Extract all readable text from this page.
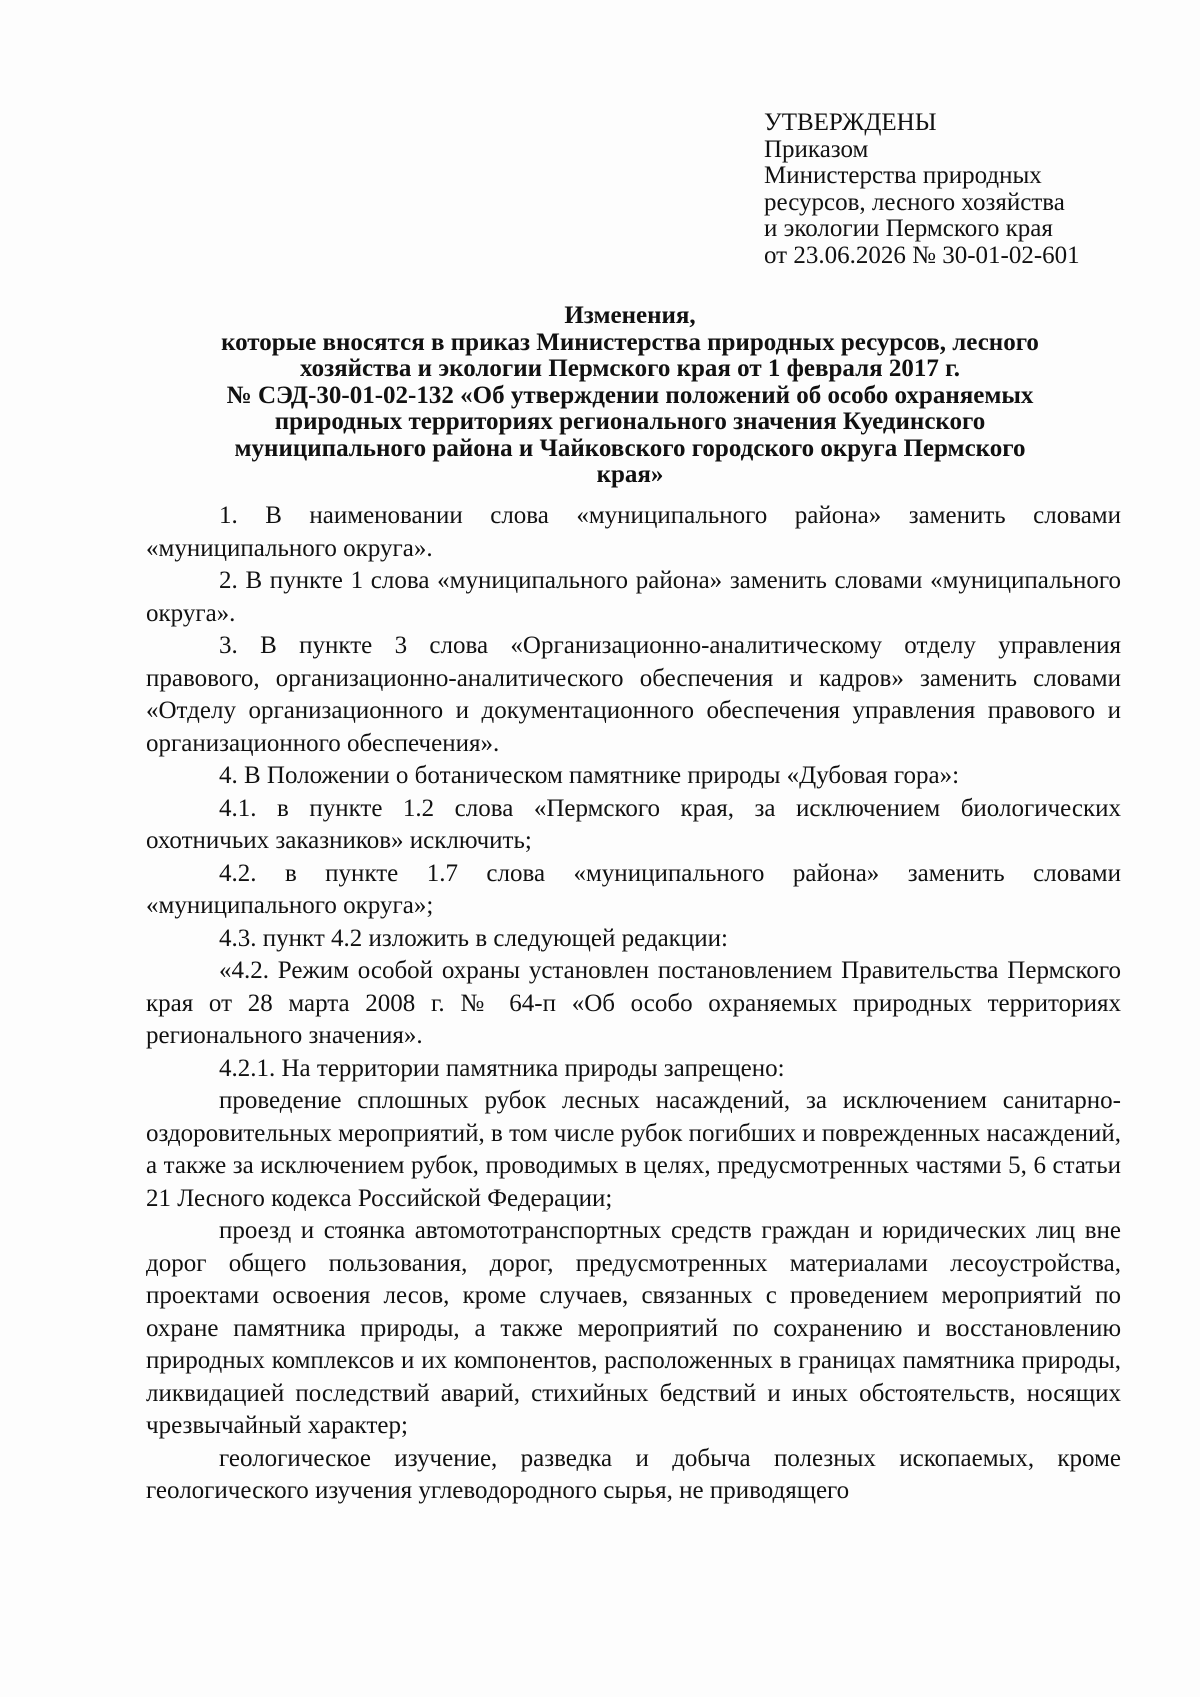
УТВЕРЖДЕНЫ
Приказом
Министерства природных
ресурсов, лесного хозяйства
и экологии Пермского края
от 23.06.2026 № 30-01-02-601
Изменения,
которые вносятся в приказ Министерства природных ресурсов, лесного
хозяйства и экологии Пермского края от 1 февраля 2017 г.
№ СЭД-30-01-02-132 «Об утверждении положений об особо охраняемых
природных территориях регионального значения Куединского
муниципального района и Чайковского городского округа Пермского
края»

1. В наименовании слова «муниципального района» заменить словами «муниципального округа».

2. В пункте 1 слова «муниципального района» заменить словами «муниципального округа».

3. В пункте 3 слова «Организационно-аналитическому отделу управления правового, организационно-аналитического обеспечения и кадров» заменить словами «Отделу организационного и документационного обеспечения управления правового и организационного обеспечения».

4. В Положении о ботаническом памятнике природы «Дубовая гора»:

4.1. в пункте 1.2 слова «Пермского края, за исключением биологических охотничьих заказников» исключить;

4.2. в пункте 1.7 слова «муниципального района» заменить словами «муниципального округа»;

4.3. пункт 4.2 изложить в следующей редакции:

«4.2. Режим особой охраны установлен постановлением Правительства Пермского края от 28 марта 2008 г. № 64-п «Об особо охраняемых природных территориях регионального значения».

4.2.1. На территории памятника природы запрещено:

проведение сплошных рубок лесных насаждений, за исключением санитарно-оздоровительных мероприятий, в том числе рубок погибших и поврежденных насаждений, а также за исключением рубок, проводимых в целях, предусмотренных частями 5, 6 статьи 21 Лесного кодекса Российской Федерации;

проезд и стоянка автомототранспортных средств граждан и юридических лиц вне дорог общего пользования, дорог, предусмотренных материалами лесоустройства, проектами освоения лесов, кроме случаев, связанных с проведением мероприятий по охране памятника природы, а также мероприятий по сохранению и восстановлению природных комплексов и их компонентов, расположенных в границах памятника природы, ликвидацией последствий аварий, стихийных бедствий и иных обстоятельств, носящих чрезвычайный характер;

геологическое изучение, разведка и добыча полезных ископаемых, кроме геологического изучения углеводородного сырья, не приводящего
